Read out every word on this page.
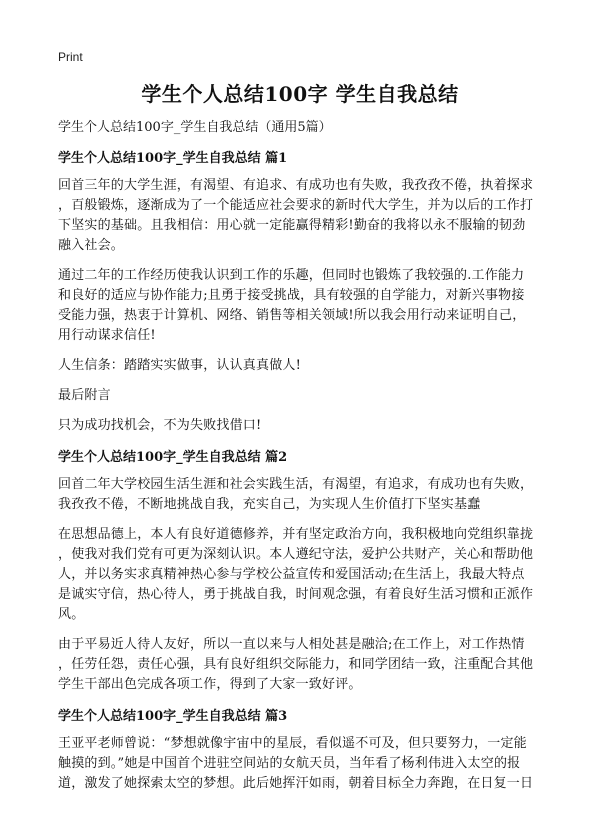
Print
学生个人总结100字 学生自我总结

学生个人总结100字_学生自我总结（通用5篇）

学生个人总结100字_学生自我总结 篇1

回首三年的大学生涯，有渴望、有追求、有成功也有失败，我孜孜不倦，执着探求
，百般锻炼，逐渐成为了一个能适应社会要求的新时代大学生，并为以后的工作打
下坚实的基础。且我相信：用心就一定能赢得精彩!勤奋的我将以永不服输的韧劲
融入社会。

通过二年的工作经历使我认识到工作的乐趣，但同时也锻炼了我较强的.工作能力
和良好的适应与协作能力;且勇于接受挑战，具有较强的自学能力，对新兴事物接
受能力强，热衷于计算机、网络、销售等相关领域!所以我会用行动来证明自己，
用行动谋求信任!

人生信条：踏踏实实做事，认认真真做人!

最后附言

只为成功找机会，不为失败找借口!

学生个人总结100字_学生自我总结 篇2

回首二年大学校园生活生涯和社会实践生活，有渴望，有追求，有成功也有失败，
我孜孜不倦，不断地挑战自我，充实自己，为实现人生价值打下坚实基蠢

在思想品德上，本人有良好道德修养，并有坚定政治方向，我积极地向党组织靠拢
，使我对我们党有可更为深刻认识。本人遵纪守法，爱护公共财产，关心和帮助他
人，并以务实求真精神热心参与学校公益宣传和爱国活动;在生活上，我最大特点
是诚实守信，热心待人，勇于挑战自我，时间观念强，有着良好生活习惯和正派作
风。

由于平易近人待人友好，所以一直以来与人相处甚是融洽;在工作上，对工作热情
，任劳任怨，责任心强，具有良好组织交际能力，和同学团结一致，注重配合其他
学生干部出色完成各项工作，得到了大家一致好评。

学生个人总结100字_学生自我总结 篇3

王亚平老师曾说：“梦想就像宇宙中的星辰，看似遥不可及，但只要努力，一定能
触摸的到。”她是中国首个进驻空间站的女航天员，当年看了杨利伟进入太空的报
道，激发了她探索太空的梦想。此后她挥汗如雨，朝着目标全力奔跑，在日复一日
